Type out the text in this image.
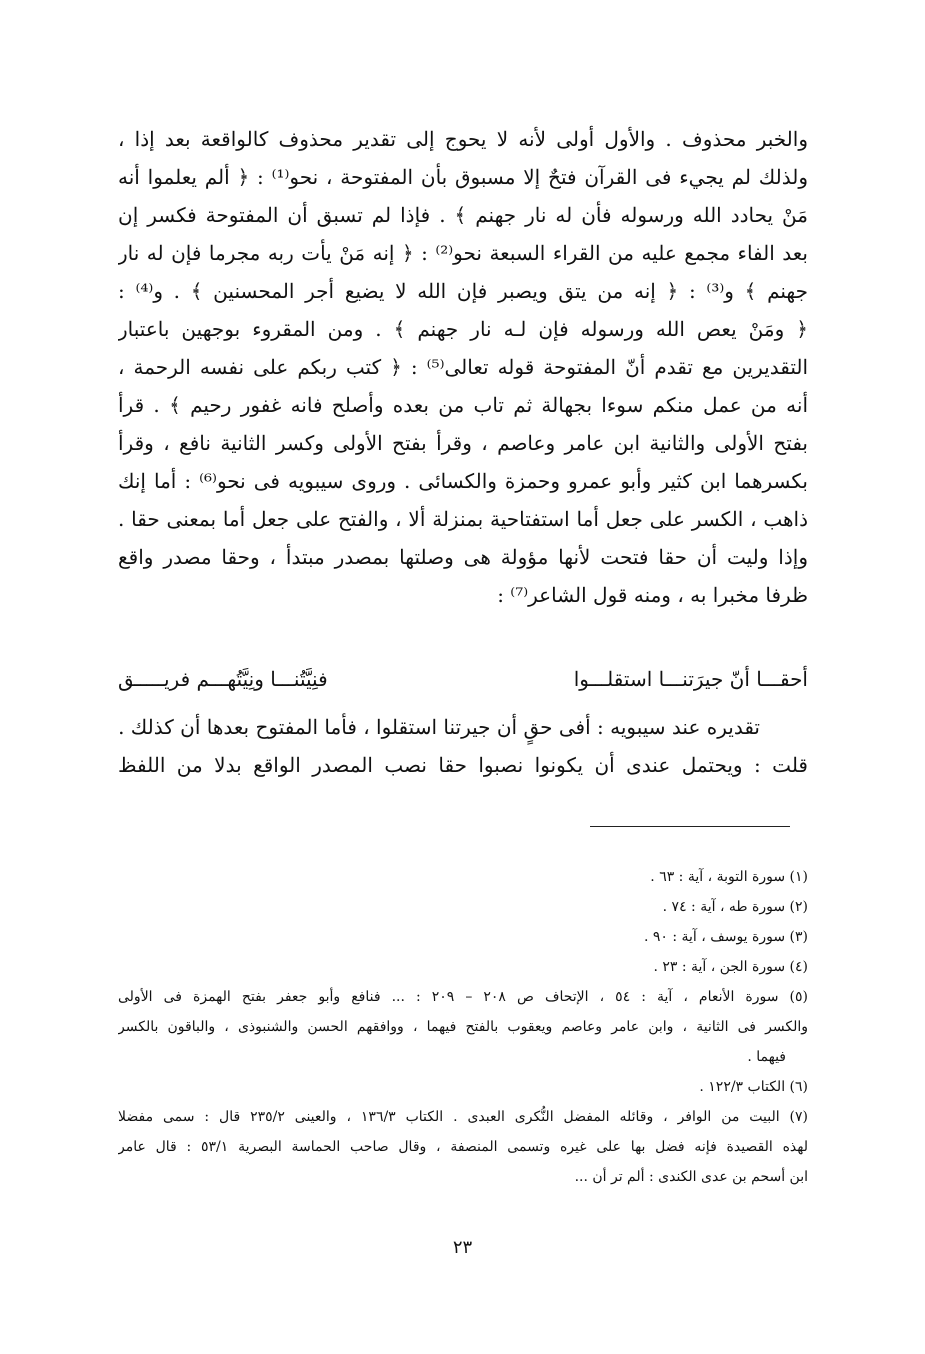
والخبر محذوف . والأول أولى لأنه لا يحوج إلى تقدير محذوف كالواقعة بعد إذا ،
ولذلك لم يجيء فى القرآن فتحٌ إلا مسبوق بأن المفتوحة ، نحو⁽¹⁾ : ﴿ ألم يعلموا أنه
مَنْ يحادد الله ورسوله فأن له نار جهنم ﴾ . فإذا لم تسبق أن المفتوحة فكسر إن
بعد الفاء مجمع عليه من القراء السبعة نحو⁽²⁾ : ﴿ إنه مَنْ يأت ربه مجرما فإن له نار
جهنم ﴾ و⁽³⁾ : ﴿ إنه من يتق ويصبر فإن الله لا يضيع أجر المحسنين ﴾ . و⁽⁴⁾ :
﴿ ومَنْ يعص الله ورسوله فإن لـه نار جهنم ﴾ . ومن المقروء بوجهين باعتبار
التقديرين مع تقدم أنّ المفتوحة قوله تعالى⁽⁵⁾ : ﴿ كتب ربكم على نفسه الرحمة ،
أنه من عمل منكم سوءا بجهالة ثم تاب من بعده وأصلح فانه غفور رحيم ﴾ . قرأ
بفتح الأولى والثانية ابن عامر وعاصم ، وقرأ بفتح الأولى وكسر الثانية نافع ، وقرأ
بكسرهما ابن كثير وأبو عمرو وحمزة والكسائى . وروى سيبويه فى نحو⁽⁶⁾ : أما إنك
ذاهب ، الكسر على جعل أما استفتاحية بمنزلة ألا ، والفتح على جعل أما بمعنى حقا .
وإذا وليت أن حقا فتحت لأنها مؤولة هى وصلتها بمصدر مبتدأ ، وحقا مصدر واقع
ظرفا مخبرا به ، ومنه قول الشاعر⁽⁷⁾ :
أحقـــا أنّ جيرَتنـــا استقلـــوا
فنِيَّتُنـــا ونِيَّتُهـــم فريـــــق
تقديره عند سيبويه : أفى حقٍ أن جيرتنا استقلوا ، فأما المفتوح بعدها أن كذلك .
قلت : ويحتمل عندى أن يكونوا نصبوا حقا نصب المصدر الواقع بدلا من اللفظ
(١) سورة التوبة ، آية : ٦٣ .
(٢) سورة طه ، آية : ٧٤ .
(٣) سورة يوسف ، آية : ٩٠ .
(٤) سورة الجن ، آية : ٢٣ .
(٥) سورة الأنعام ، آية : ٥٤ ، الإتحاف ص ٢٠٨ – ٢٠٩ : ... فنافع وأبو جعفر بفتح الهمزة فى الأولى
والكسر فى الثانية ، وابن عامر وعاصم ويعقوب بالفتح فيهما ، ووافقهم الحسن والشنبوذى ، والباقون بالكسر
فيهما .
(٦) الكتاب ١٢٢/٣ .
(٧) البيت من الوافر ، وقائله المفضل النُّكرى العبدى . الكتاب ١٣٦/٣ ، والعينى ٢٣٥/٢ قال : سمى مفضلا
لهذه القصيدة فإنه فضل بها على غيره وتسمى المنصفة ، وقال صاحب الحماسة البصرية ٥٣/١ : قال عامر
ابن أسحم بن عدى الكندى : ألم تر أن ...
٢٣
